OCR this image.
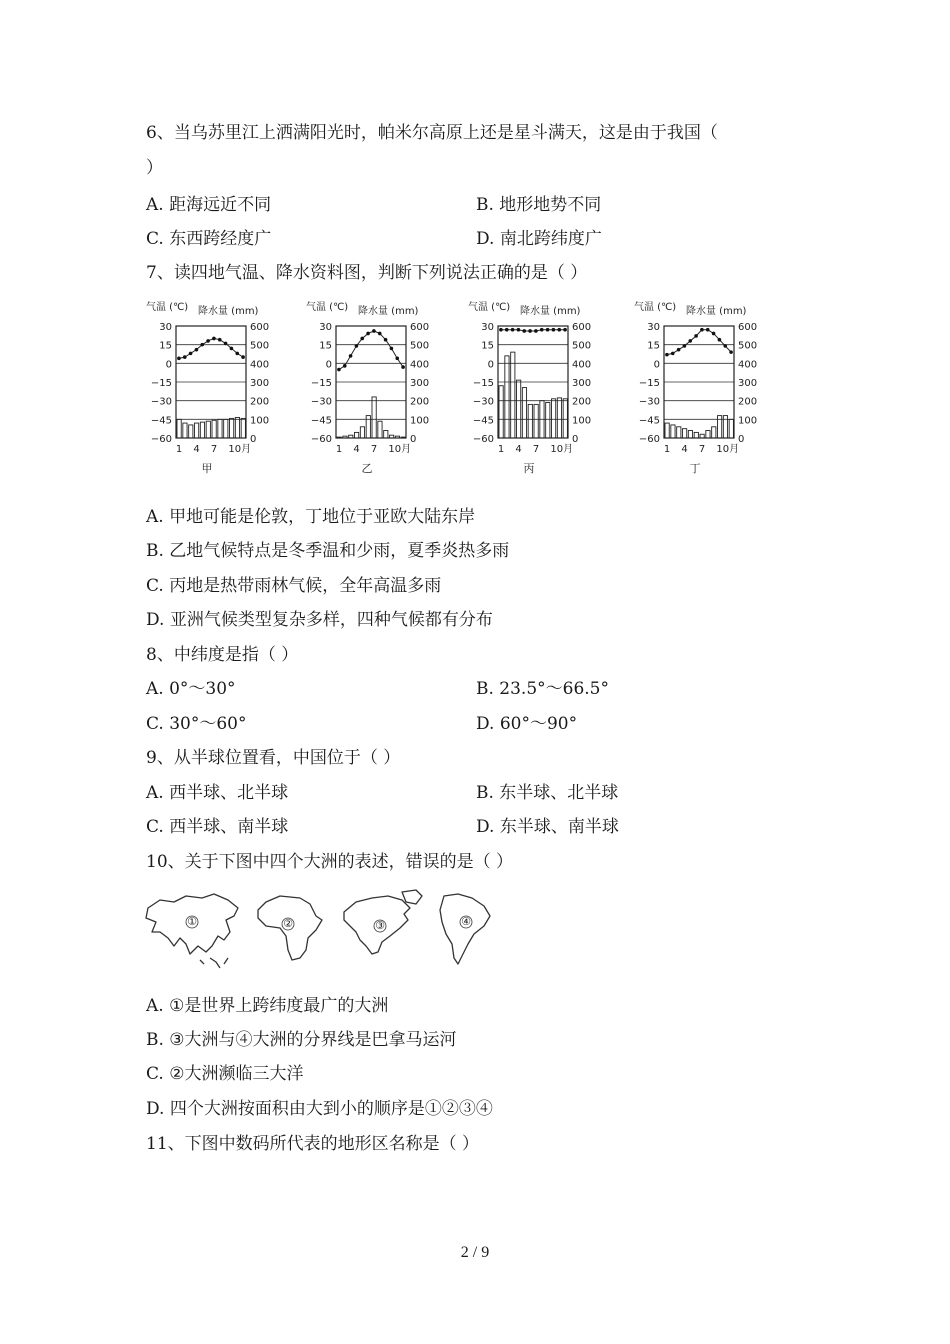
6、当乌苏里江上洒满阳光时，帕米尔高原上还是星斗满天，这是由于我国（
）
A. 距海远近不同	B. 地形地势不同
C. 东西跨经度广	D. 南北跨纬度广
7、读四地气温、降水资料图，判断下列说法正确的是（ ）
气温 (℃) 降水量 (mm)
30
15
0
−15
−30
−45
−60
600
500
400
300
200
100
0
1 4 7 10月
甲
气温 (℃) 降水量 (mm)
30
15
0
−15
−30
−45
−60
600
500
400
300
200
100
0
1 4 7 10月
乙
气温 (℃) 降水量 (mm)
30
15
0
−15
−30
−45
−60
600
500
400
300
200
100
0
1 4 7 10月
丙
气温 (℃) 降水量 (mm)
30
15
0
−15
−30
−45
−60
600
500
400
300
200
100
0
1 4 7 10月
丁
A. 甲地可能是伦敦，丁地位于亚欧大陆东岸
B. 乙地气候特点是冬季温和少雨，夏季炎热多雨
C. 丙地是热带雨林气候，全年高温多雨
D. 亚洲气候类型复杂多样，四种气候都有分布
8、中纬度是指（ ）
A. 0°～30°	B. 23.5°～66.5°
C. 30°～60°	D. 60°～90°
9、从半球位置看，中国位于（ ）
A. 西半球、北半球	B. 东半球、北半球
C. 西半球、南半球	D. 东半球、南半球
10、关于下图中四个大洲的表述，错误的是（ ）
①	②	③	④
A. ①是世界上跨纬度最广的大洲
B. ③大洲与④大洲的分界线是巴拿马运河
C. ②大洲濒临三大洋
D. 四个大洲按面积由大到小的顺序是①②③④
11、下图中数码所代表的地形区名称是（ ）
2 / 9
